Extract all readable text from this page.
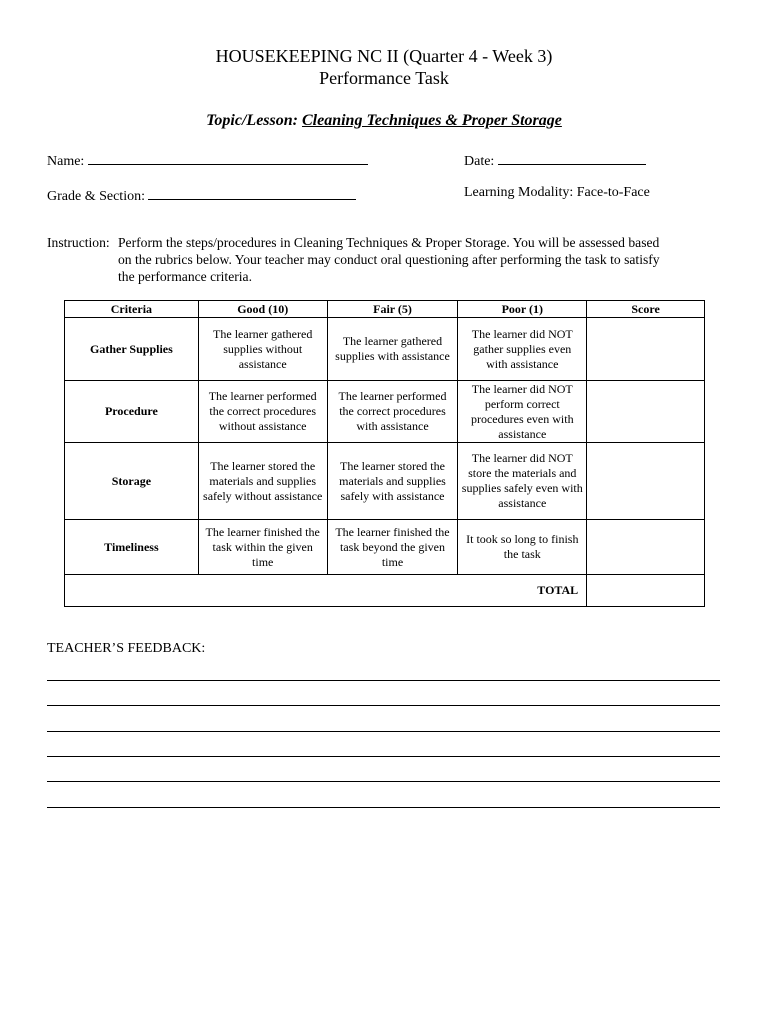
HOUSEKEEPING NC II (Quarter 4 - Week 3)
Performance Task
Topic/Lesson: Cleaning Techniques & Proper Storage
Name:	Date:
Grade & Section:	Learning Modality: Face-to-Face
Instruction: Perform the steps/procedures in Cleaning Techniques & Proper Storage. You will be assessed based on the rubrics below. Your teacher may conduct oral questioning after performing the task to satisfy the performance criteria.
Criteria	Good (10)	Fair (5)	Poor (1)	Score
Gather Supplies	The learner gathered supplies without assistance	The learner gathered supplies with assistance	The learner did NOT gather supplies even with assistance	
Procedure	The learner performed the correct procedures without assistance	The learner performed the correct procedures with assistance	The learner did NOT perform correct procedures even with assistance	
Storage	The learner stored the materials and supplies safely without assistance	The learner stored the materials and supplies safely with assistance	The learner did NOT store the materials and supplies safely even with assistance	
Timeliness	The learner finished the task within the given time	The learner finished the task beyond the given time	It took so long to finish the task	
TOTAL				
TEACHER’S FEEDBACK:
